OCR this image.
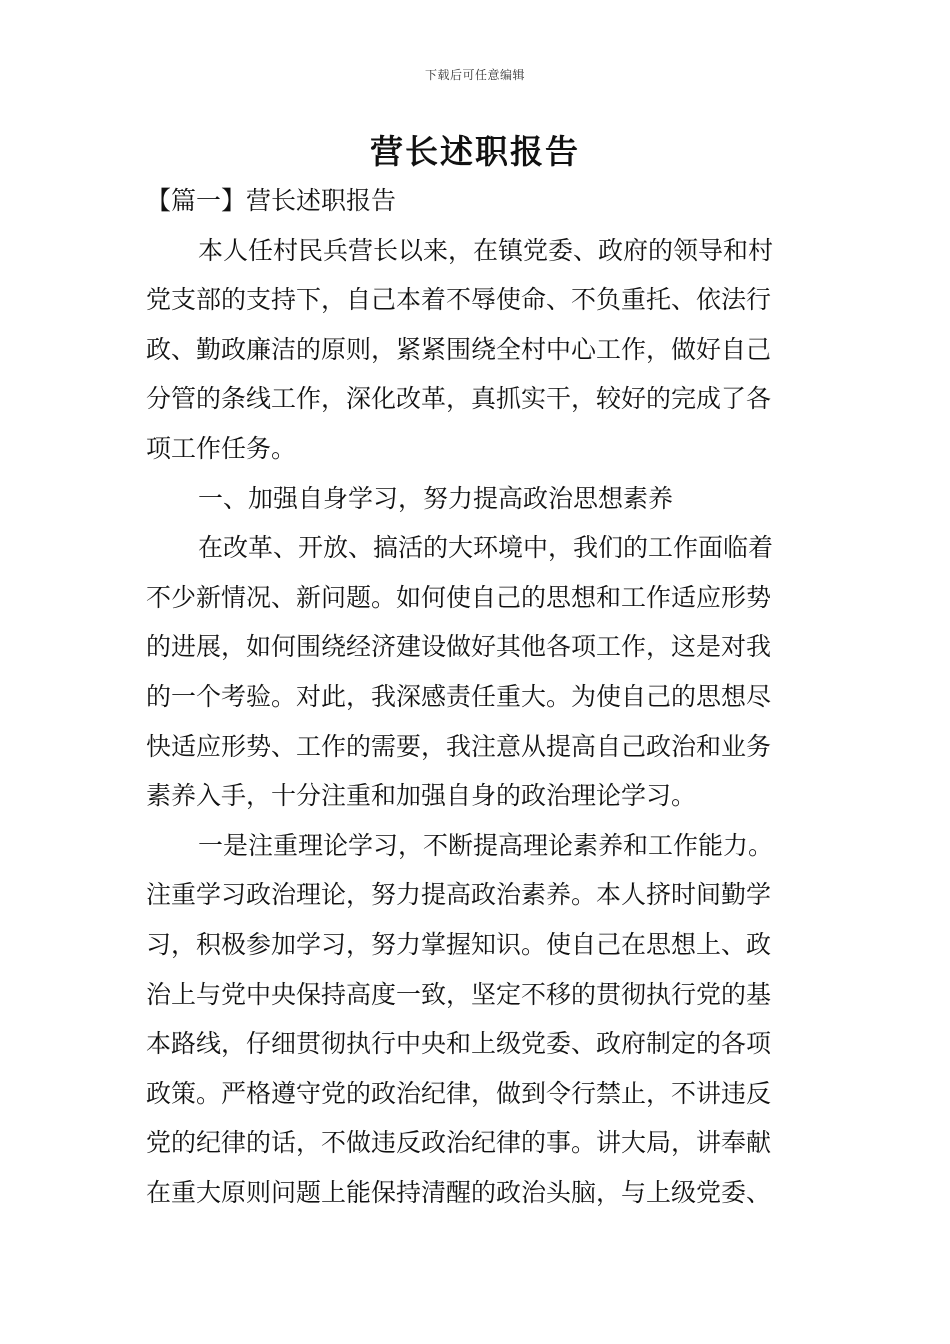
下载后可任意编辑
营长述职报告
【篇一】营长述职报告
本人任村民兵营长以来，在镇党委、政府的领导和村
党支部的支持下，自己本着不辱使命、不负重托、依法行
政、勤政廉洁的原则，紧紧围绕全村中心工作，做好自己
分管的条线工作，深化改革，真抓实干，较好的完成了各
项工作任务。
一、加强自身学习，努力提高政治思想素养
在改革、开放、搞活的大环境中，我们的工作面临着
不少新情况、新问题。如何使自己的思想和工作适应形势
的进展，如何围绕经济建设做好其他各项工作，这是对我
的一个考验。对此，我深感责任重大。为使自己的思想尽
快适应形势、工作的需要，我注意从提高自己政治和业务
素养入手，十分注重和加强自身的政治理论学习。
一是注重理论学习，不断提高理论素养和工作能力。
注重学习政治理论，努力提高政治素养。本人挤时间勤学
习，积极参加学习，努力掌握知识。使自己在思想上、政
治上与党中央保持高度一致，坚定不移的贯彻执行党的基
本路线，仔细贯彻执行中央和上级党委、政府制定的各项
政策。严格遵守党的政治纪律，做到令行禁止，不讲违反
党的纪律的话，不做违反政治纪律的事。讲大局，讲奉献
在重大原则问题上能保持清醒的政治头脑，与上级党委、
